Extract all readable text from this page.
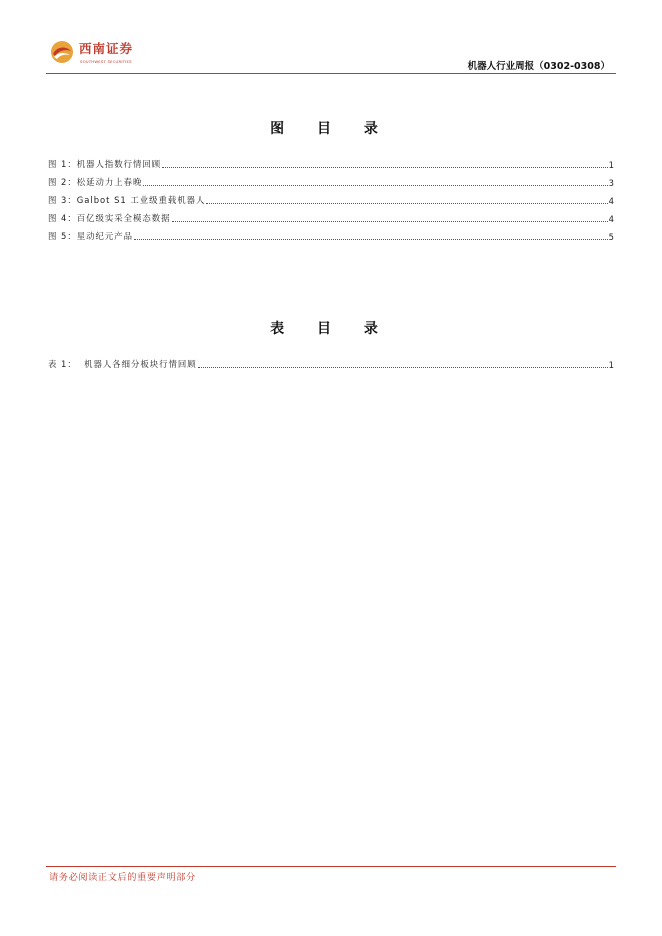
西南证券
SOUTHWEST SECURITIES	机器人行业周报（0302-0308）
图 目 录
图 1：机器人指数行情回顾	1
图 2：松延动力上春晚	3
图 3：Galbot S1 工业级重载机器人	4
图 4：百亿级实采全模态数据	4
图 5：星动纪元产品	5
表 目 录
表 1：  机器人各细分板块行情回顾	1
请务必阅读正文后的重要声明部分
